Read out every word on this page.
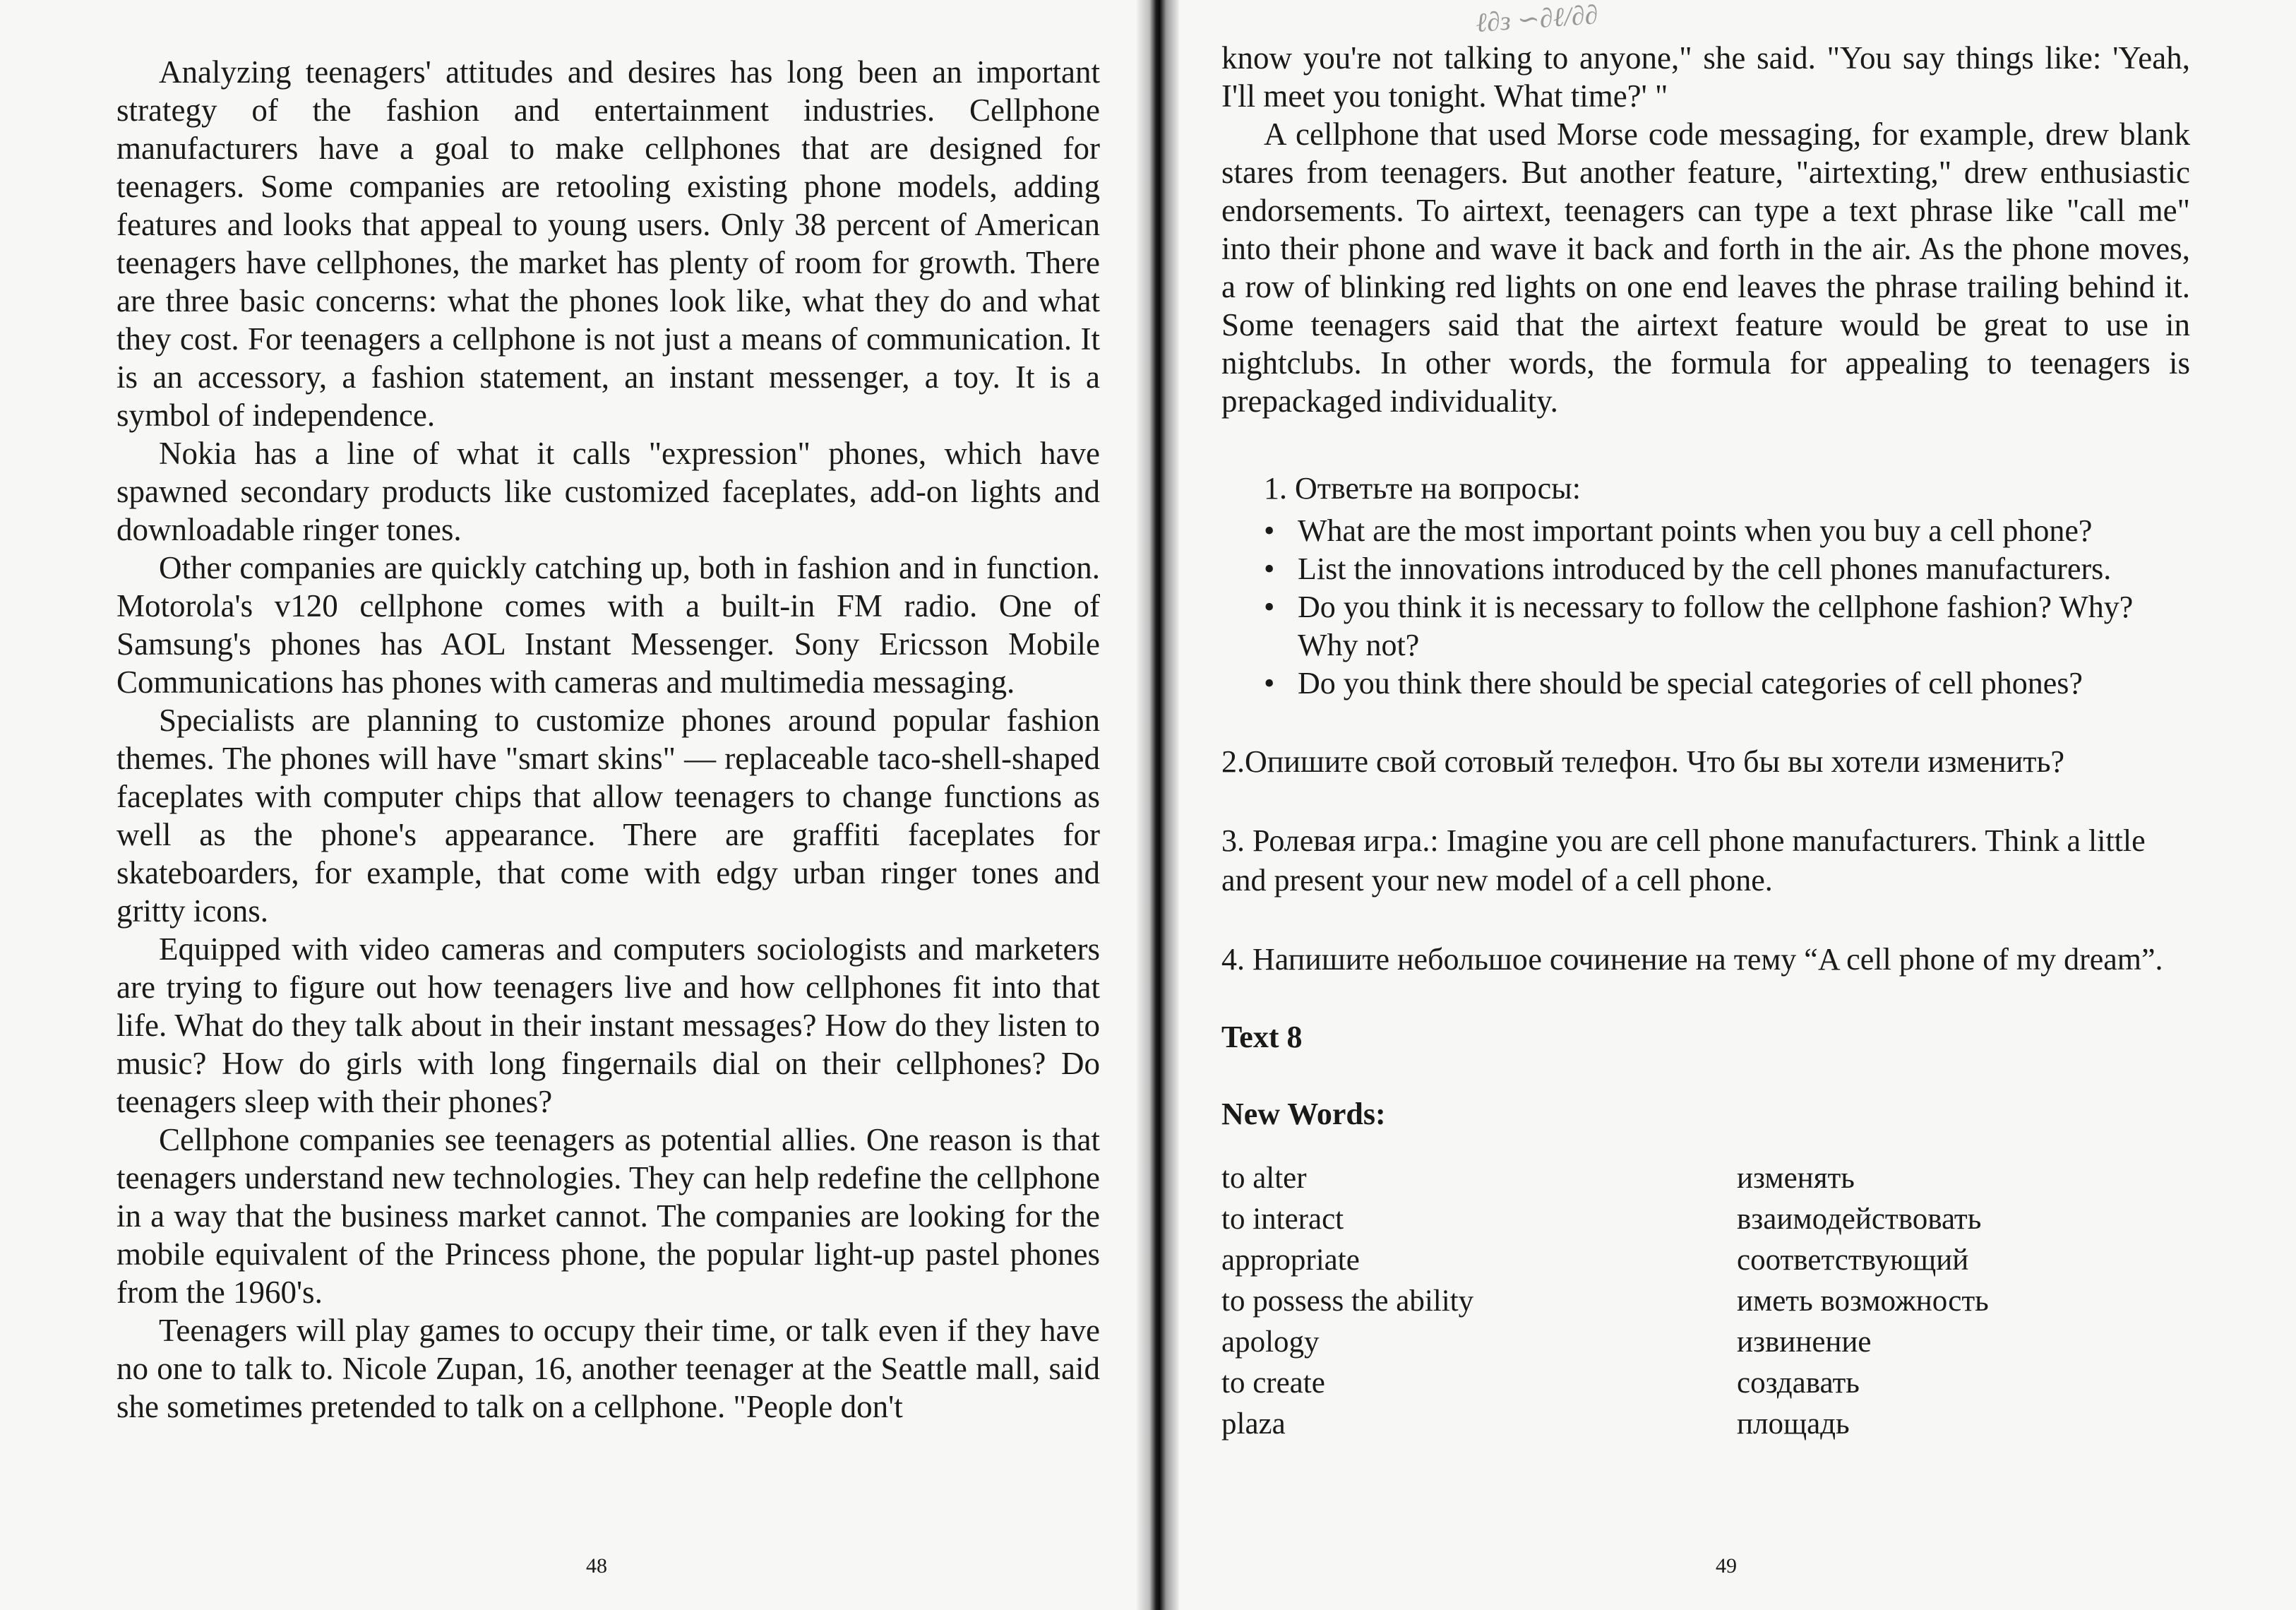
Analyzing teenagers' attitudes and desires has long been an important strategy of the fashion and entertainment industries. Cellphone manufacturers have a goal to make cellphones that are designed for teenagers. Some companies are retooling existing phone models, adding features and looks that appeal to young users. Only 38 percent of American teenagers have cellphones, the market has plenty of room for growth. There are three basic concerns: what the phones look like, what they do and what they cost. For teenagers a cellphone is not just a means of communication. It is an accessory, a fashion statement, an instant messenger, a toy. It is a symbol of independence.

Nokia has a line of what it calls "expression" phones, which have spawned secondary products like customized faceplates, add-on lights and downloadable ringer tones.

Other companies are quickly catching up, both in fashion and in function. Motorola's v120 cellphone comes with a built-in FM radio. One of Samsung's phones has AOL Instant Messenger. Sony Ericsson Mobile Communications has phones with cameras and multimedia messaging.

Specialists are planning to customize phones around popular fashion themes. The phones will have "smart skins" — replaceable taco-shell-shaped faceplates with computer chips that allow teenagers to change functions as well as the phone's appearance. There are graffiti faceplates for skateboarders, for example, that come with edgy urban ringer tones and gritty icons.

Equipped with video cameras and computers sociologists and marketers are trying to figure out how teenagers live and how cellphones fit into that life. What do they talk about in their instant messages? How do they listen to music? How do girls with long fingernails dial on their cellphones? Do teenagers sleep with their phones?

Cellphone companies see teenagers as potential allies. One reason is that teenagers understand new technologies. They can help redefine the cellphone in a way that the business market cannot. The companies are looking for the mobile equivalent of the Princess phone, the popular light-up pastel phones from the 1960's.

Teenagers will play games to occupy their time, or talk even if they have no one to talk to. Nicole Zupan, 16, another teenager at the Seattle mall, said she sometimes pretended to talk on a cellphone. "People don't

48
ℓ∂з ∽∂ℓ/∂∂

know you're not talking to anyone," she said. "You say things like: 'Yeah, I'll meet you tonight. What time?' "

A cellphone that used Morse code messaging, for example, drew blank stares from teenagers. But another feature, "airtexting," drew enthusiastic endorsements. To airtext, teenagers can type a text phrase like "call me" into their phone and wave it back and forth in the air. As the phone moves, a row of blinking red lights on one end leaves the phrase trailing behind it. Some teenagers said that the airtext feature would be great to use in nightclubs. In other words, the formula for appealing to teenagers is prepackaged individuality.

1. Ответьте на вопросы:
• What are the most important points when you buy a cell phone?
• List the innovations introduced by the cell phones manufacturers.
• Do you think it is necessary to follow the cellphone fashion? Why? Why not?
• Do you think there should be special categories of cell phones?

2.Опишите свой сотовый телефон. Что бы вы хотели изменить?

3. Ролевая игра.: Imagine you are cell phone manufacturers. Think a little and present your new model of a cell phone.

4. Напишите небольшое сочинение на тему “A cell phone of my dream”.

Text 8
New Words:
to alter	изменять
to interact	взаимодействовать
appropriate	соответствующий
to possess the ability	иметь возможность
apology	извинение
to create	создавать
plaza	площадь
49
